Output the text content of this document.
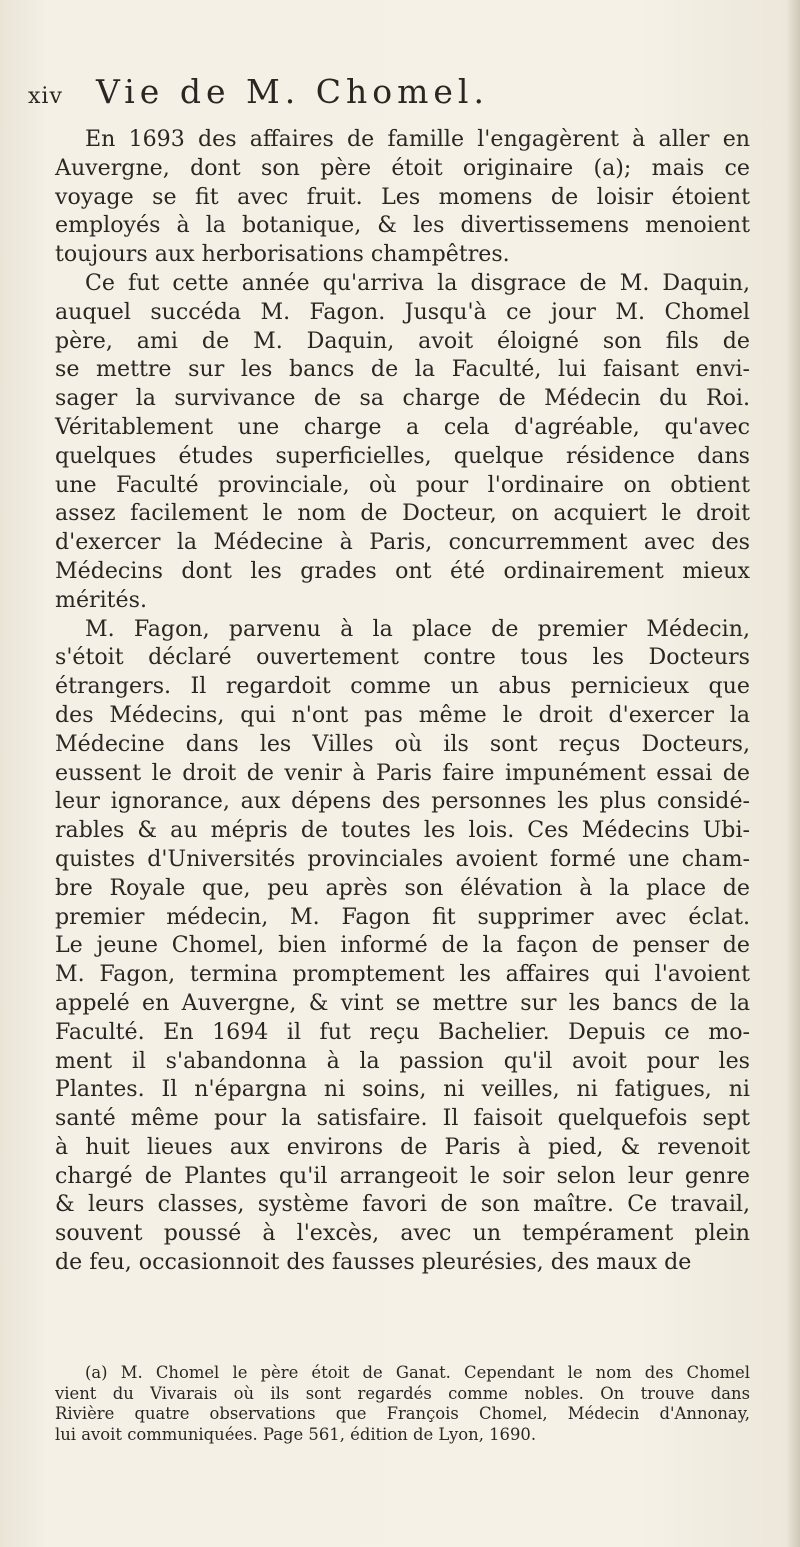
xiv Vie de M. Chomel.
En 1693 des affaires de famille l'engagèrent à aller en
Auvergne, dont son père étoit originaire (a); mais ce
voyage se fit avec fruit. Les momens de loisir étoient
employés à la botanique, & les divertissemens menoient
toujours aux herborisations champêtres.
Ce fut cette année qu'arriva la disgrace de M. Daquin,
auquel succéda M. Fagon. Jusqu'à ce jour M. Chomel
père, ami de M. Daquin, avoit éloigné son fils de
se mettre sur les bancs de la Faculté, lui faisant envi-
sager la survivance de sa charge de Médecin du Roi.
Véritablement une charge a cela d'agréable, qu'avec
quelques études superficielles, quelque résidence dans
une Faculté provinciale, où pour l'ordinaire on obtient
assez facilement le nom de Docteur, on acquiert le droit
d'exercer la Médecine à Paris, concurremment avec des
Médecins dont les grades ont été ordinairement mieux
mérités.
M. Fagon, parvenu à la place de premier Médecin,
s'étoit déclaré ouvertement contre tous les Docteurs
étrangers. Il regardoit comme un abus pernicieux que
des Médecins, qui n'ont pas même le droit d'exercer la
Médecine dans les Villes où ils sont reçus Docteurs,
eussent le droit de venir à Paris faire impunément essai de
leur ignorance, aux dépens des personnes les plus considé-
rables & au mépris de toutes les lois. Ces Médecins Ubi-
quistes d'Universités provinciales avoient formé une cham-
bre Royale que, peu après son élévation à la place de
premier médecin, M. Fagon fit supprimer avec éclat.
Le jeune Chomel, bien informé de la façon de penser de
M. Fagon, termina promptement les affaires qui l'avoient
appelé en Auvergne, & vint se mettre sur les bancs de la
Faculté. En 1694 il fut reçu Bachelier. Depuis ce mo-
ment il s'abandonna à la passion qu'il avoit pour les
Plantes. Il n'épargna ni soins, ni veilles, ni fatigues, ni
santé même pour la satisfaire. Il faisoit quelquefois sept
à huit lieues aux environs de Paris à pied, & revenoit
chargé de Plantes qu'il arrangeoit le soir selon leur genre
& leurs classes, système favori de son maître. Ce travail,
souvent poussé à l'excès, avec un tempérament plein
de feu, occasionnoit des fausses pleurésies, des maux de
(a) M. Chomel le père étoit de Ganat. Cependant le nom des Chomel
vient du Vivarais où ils sont regardés comme nobles. On trouve dans
Rivière quatre observations que François Chomel, Médecin d'Annonay,
lui avoit communiquées. Page 561, édition de Lyon, 1690.
